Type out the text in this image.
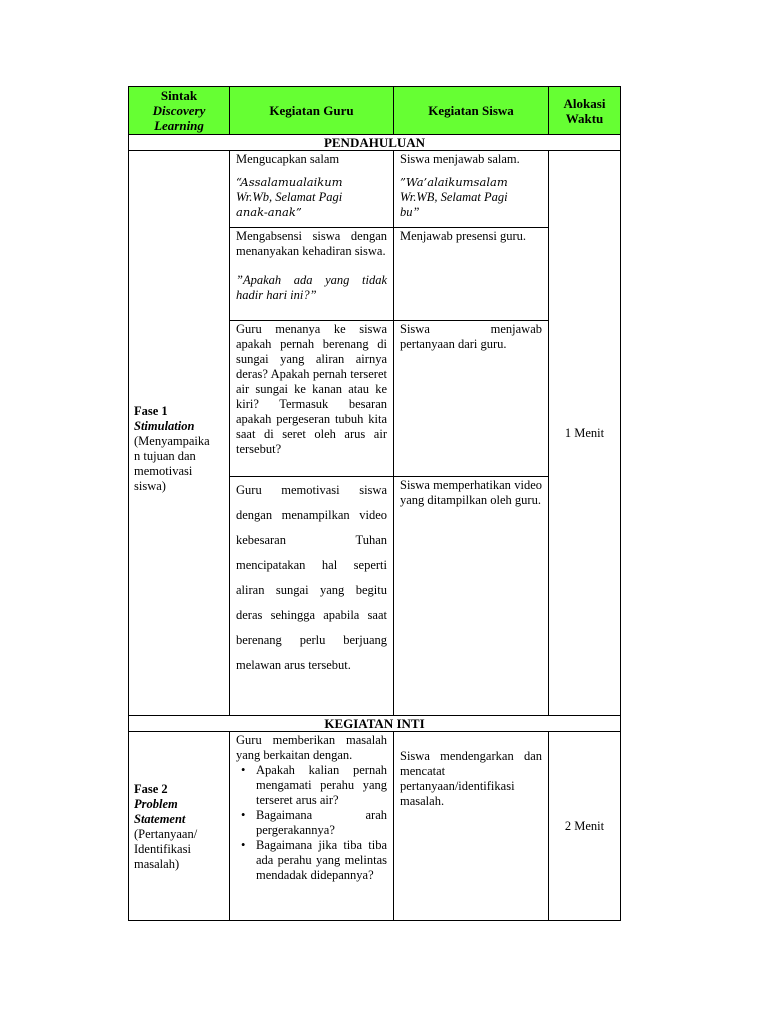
Sintak
Discovery
Learning
Kegiatan Guru	Kegiatan Siswa	Alokasi
Waktu
PENDAHULUAN
Fase 1
Stimulation
(Menyampaika
n tujuan dan
memotivasi
siswa)

Mengucapkan salam

“Assalamualaikum

Wr.Wb, Selamat Pagi

anak-anak”

Siswa menjawab salam.

”Wa’alaikumsalam

Wr.WB, Selamat Pagi

bu”

Mengabsensi siswa dengan menanyakan kehadiran siswa.

”Apakah ada yang tidak hadir hari ini?”

Menjawab presensi guru.

Guru menanya ke siswa apakah pernah berenang di sungai yang aliran airnya deras? Apakah pernah terseret air sungai ke kanan atau ke kiri? Termasuk besaran apakah pergeseran tubuh kita saat di seret oleh arus air tersebut?

Siswa menjawab pertanyaan dari guru.

Guru memotivasi siswa dengan menampilkan video kebesaran Tuhan mencipatakan hal seperti aliran sungai yang begitu deras sehingga apabila saat berenang perlu berjuang melawan arus tersebut.

Siswa memperhatikan video yang ditampilkan oleh guru.

1 Menit
KEGIATAN INTI
Fase 2
Problem
Statement
(Pertanyaan/
Identifikasi
masalah)

Guru memberikan masalah yang berkaitan dengan.

• Apakah kalian pernah mengamati perahu yang terseret arus air?
• Bagaimana arah pergerakannya?
• Bagaimana jika tiba tiba ada perahu yang melintas mendadak didepannya?

Siswa mendengarkan dan mencatat pertanyaan/identifikasi masalah.

2 Menit
